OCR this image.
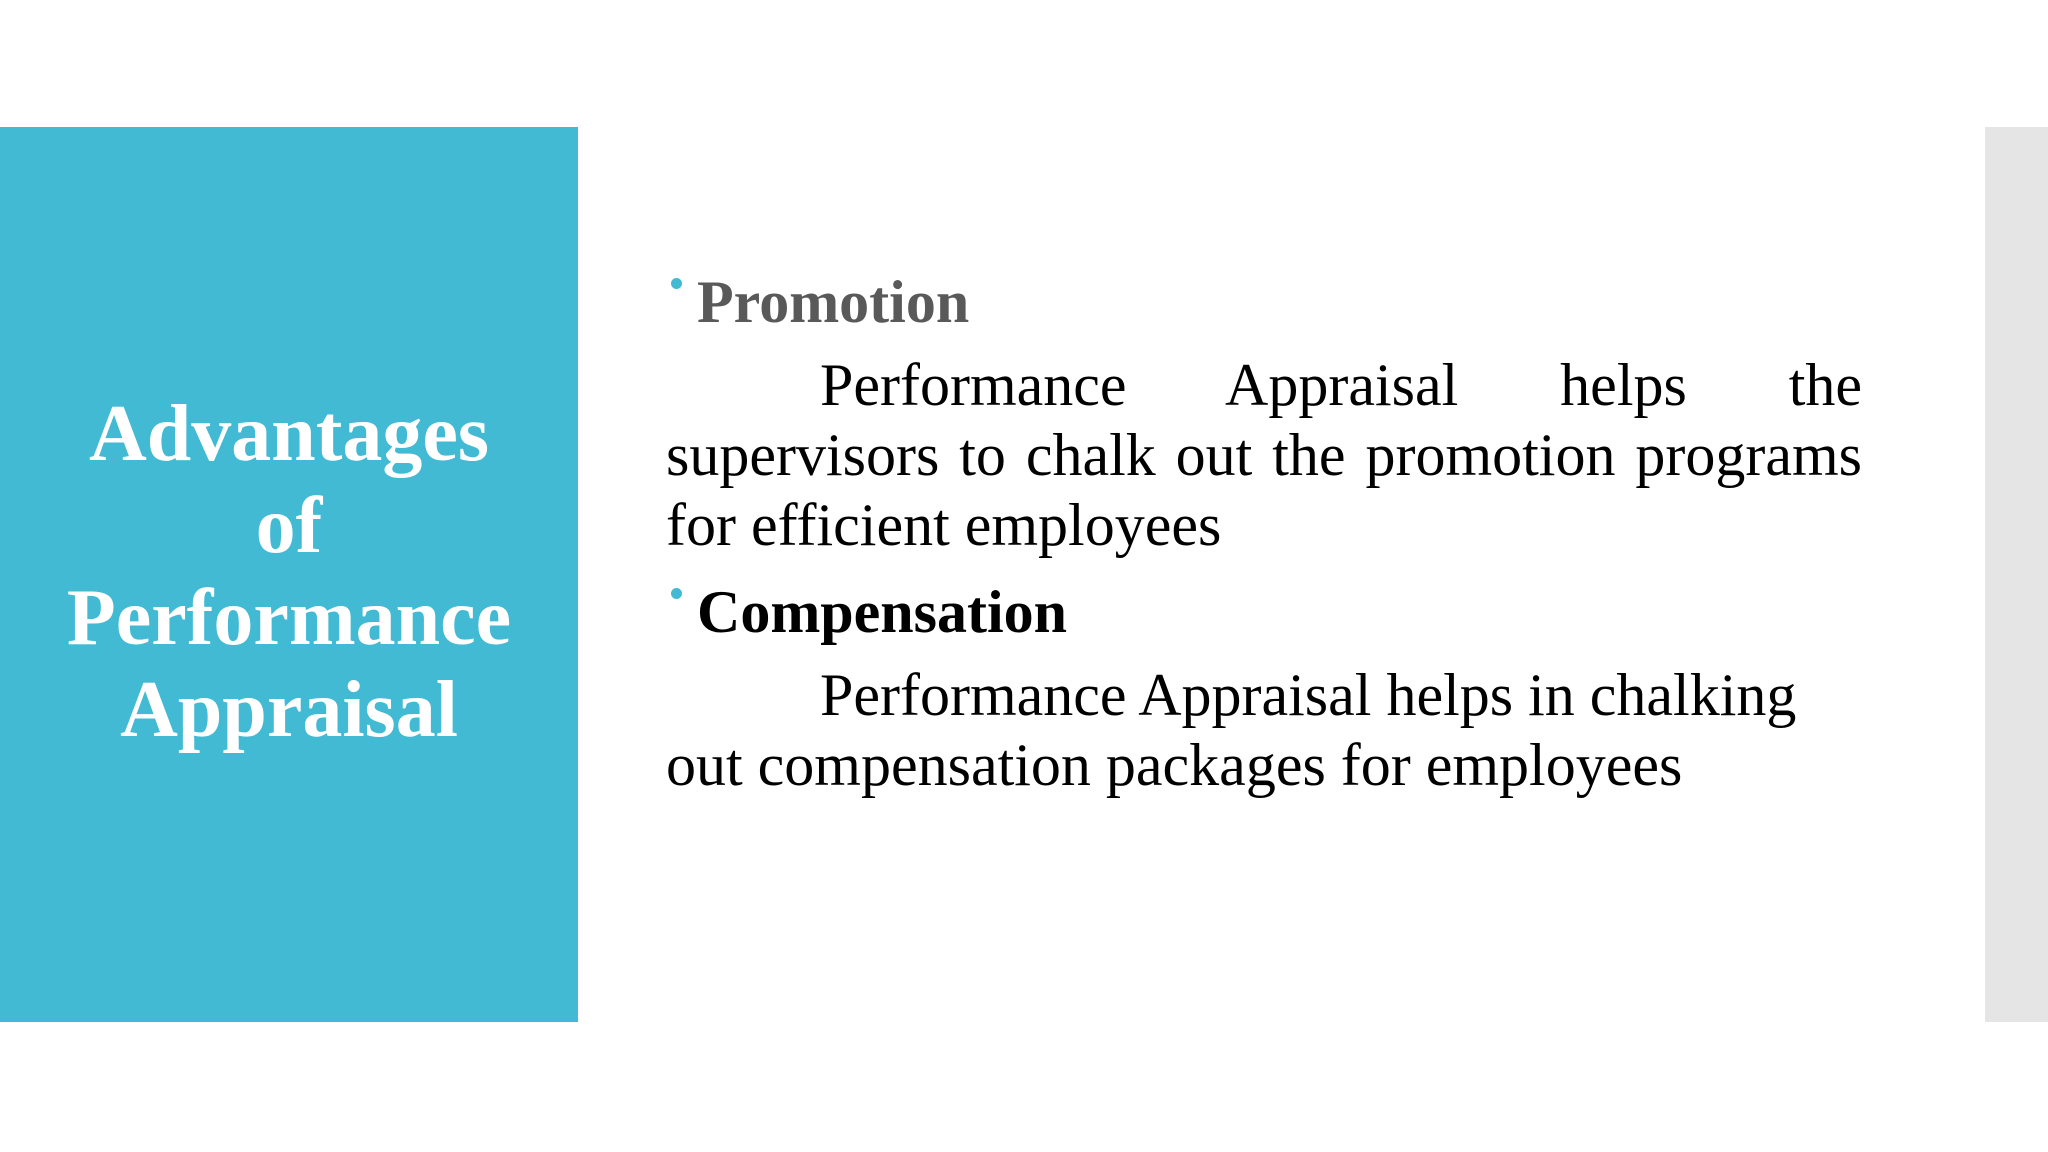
Advantages
of
Performance
Appraisal

Promotion

Performance Appraisal helps the supervisors to chalk out the promotion programs for efficient employees

Compensation

Performance Appraisal helps in chalking out compensation packages for employees
